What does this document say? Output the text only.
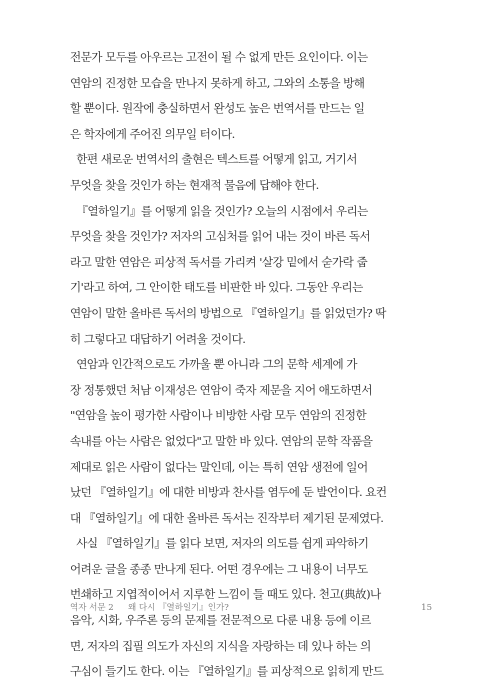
전문가 모두를 아우르는 고전이 될 수 없게 만든 요인이다. 이는
연암의 진정한 모습을 만나지 못하게 하고, 그와의 소통을 방해
할 뿐이다. 원작에 충실하면서 완성도 높은 번역서를 만드는 일
은 학자에게 주어진 의무일 터이다.
한편 새로운 번역서의 출현은 텍스트를 어떻게 읽고, 거기서
무엇을 찾을 것인가 하는 현재적 물음에 답해야 한다.
『열하일기』를 어떻게 읽을 것인가? 오늘의 시점에서 우리는
무엇을 찾을 것인가? 저자의 고심처를 읽어 내는 것이 바른 독서
라고 말한 연암은 피상적 독서를 가리켜 '살강 밑에서 숟가락 줍
기'라고 하여, 그 안이한 태도를 비판한 바 있다. 그동안 우리는
연암이 말한 올바른 독서의 방법으로 『열하일기』를 읽었던가? 딱
히 그렇다고 대답하기 어려울 것이다.
연암과 인간적으로도 가까울 뿐 아니라 그의 문학 세계에 가
장 정통했던 처남 이재성은 연암이 죽자 제문을 지어 애도하면서
"연암을 높이 평가한 사람이나 비방한 사람 모두 연암의 진정한
속내를 아는 사람은 없었다"고 말한 바 있다. 연암의 문학 작품을
제대로 읽은 사람이 없다는 말인데, 이는 특히 연암 생전에 일어
났던 『열하일기』에 대한 비방과 찬사를 염두에 둔 발언이다. 요컨
대 『열하일기』에 대한 올바른 독서는 진작부터 제기된 문제였다.
사실 『열하일기』를 읽다 보면, 저자의 의도를 쉽게 파악하기
어려운 글을 종종 만나게 된다. 어떤 경우에는 그 내용이 너무도
번쇄하고 지엽적이어서 지루한 느낌이 들 때도 있다. 천고(典故)나
음악, 시화, 우주론 등의 문제를 전문적으로 다룬 내용 등에 이르
면, 저자의 집필 의도가 자신의 지식을 자랑하는 데 있나 하는 의
구심이 들기도 한다. 이는 『열하일기』를 피상적으로 읽히게 만드
역자 서문 2 왜 다시 『열하일기』인가?	15
